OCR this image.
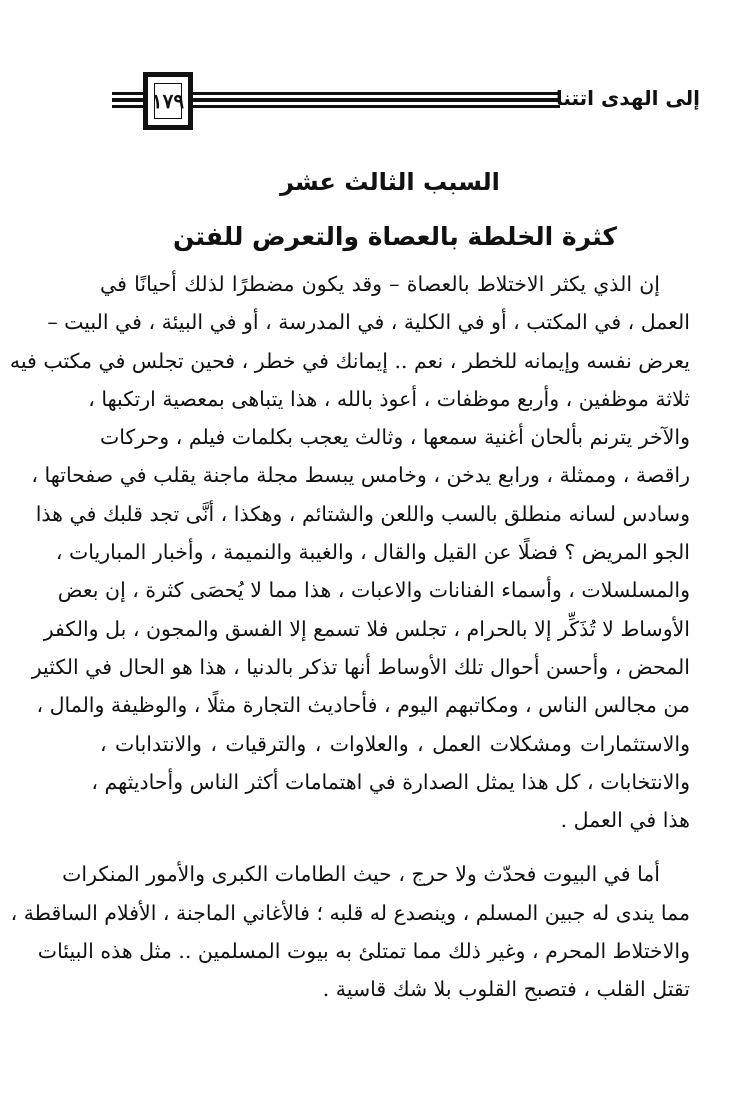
١٧٩	إلى الهدى اتتنا
السبب الثالث عشر
كثرة الخلطة بالعصاة والتعرض للفتن
إن الذي يكثر الاختلاط بالعصاة – وقد يكون مضطرًا لذلك أحيانًا في
العمل ، في المكتب ، أو في الكلية ، في المدرسة ، أو في البيئة ، في البيت –
يعرض نفسه وإيمانه للخطر ، نعم .. إيمانك في خطر ، فحين تجلس في مكتب فيه
ثلاثة موظفين ، وأربع موظفات ، أعوذ بالله ، هذا يتباهى بمعصية ارتكبها ،
والآخر يترنم بألحان أغنية سمعها ، وثالث يعجب بكلمات فيلم ، وحركات
راقصة ، وممثلة ، ورابع يدخن ، وخامس يبسط مجلة ماجنة يقلب في صفحاتها ،
وسادس لسانه منطلق بالسب واللعن والشتائم ، وهكذا ، أنَّى تجد قلبك في هذا
الجو المريض ؟ فضلًا عن القيل والقال ، والغيبة والنميمة ، وأخبار المباريات ،
والمسلسلات ، وأسماء الفنانات والاعبات ، هذا مما لا يُحصَى كثرة ، إن بعض
الأوساط لا تُذَكِّر إلا بالحرام ، تجلس فلا تسمع إلا الفسق والمجون ، بل والكفر
المحض ، وأحسن أحوال تلك الأوساط أنها تذكر بالدنيا ، هذا هو الحال في الكثير
من مجالس الناس ، ومكاتبهم اليوم ، فأحاديث التجارة مثلًا ، والوظيفة والمال ،
والاستثمارات ومشكلات العمل ، والعلاوات ، والترقيات ، والانتدابات ،
والانتخابات ، كل هذا يمثل الصدارة في اهتمامات أكثر الناس وأحاديثهم ،
هذا في العمل .
أما في البيوت فحدّث ولا حرج ، حيث الطامات الكبرى والأمور المنكرات
مما يندى له جبين المسلم ، وينصدع له قلبه ؛ فالأغاني الماجنة ، الأفلام الساقطة ،
والاختلاط المحرم ، وغير ذلك مما تمتلئ به بيوت المسلمين .. مثل هذه البيئات
تقتل القلب ، فتصبح القلوب بلا شك قاسية .
